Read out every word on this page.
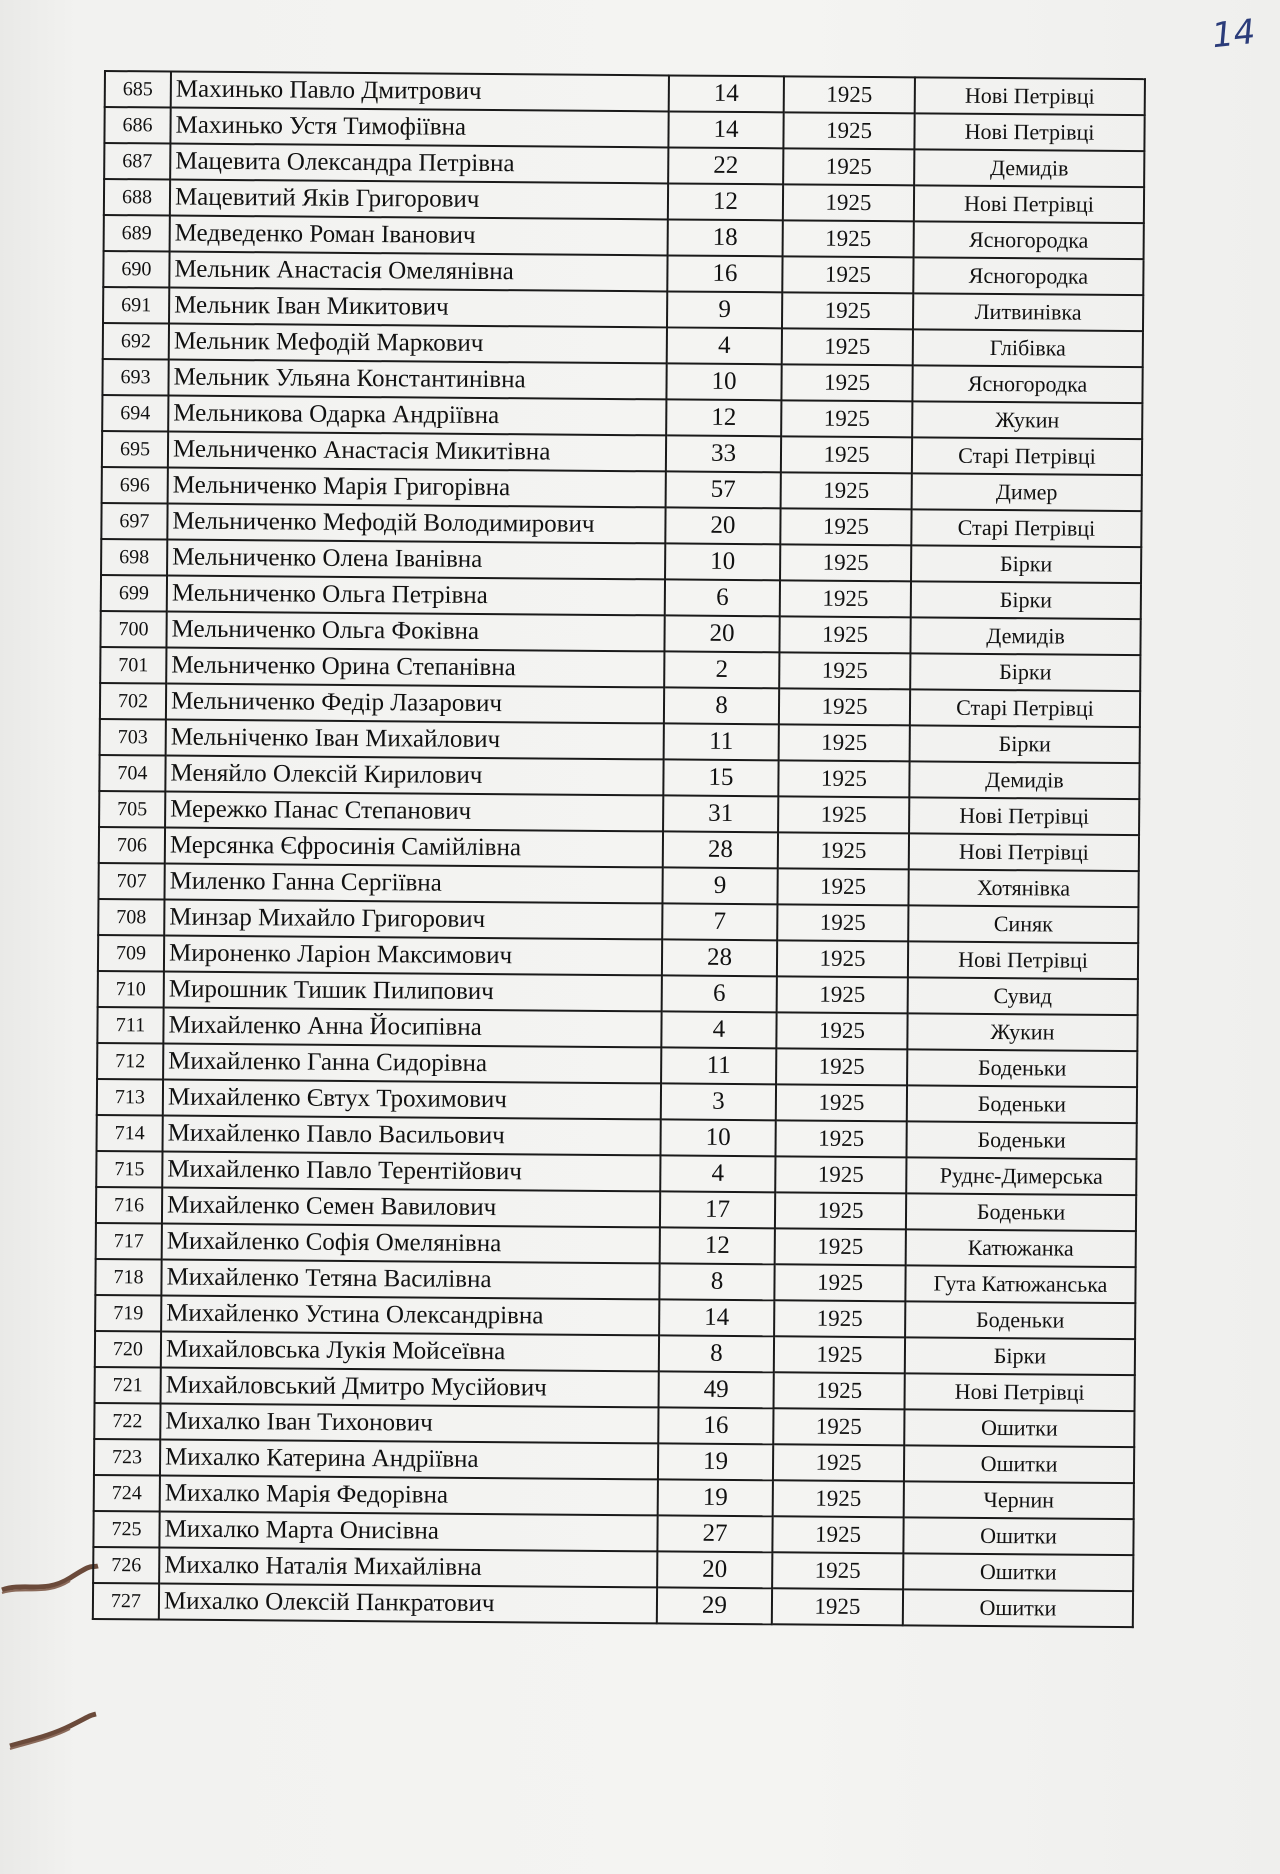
14
685	Махинько Павло Дмитрович	14	1925	Нові Петрівці
686	Махинько Устя Тимофіївна	14	1925	Нові Петрівці
687	Мацевита Олександра Петрівна	22	1925	Демидів
688	Мацевитий Яків Григорович	12	1925	Нові Петрівці
689	Медведенко Роман Іванович	18	1925	Ясногородка
690	Мельник Анастасія Омелянівна	16	1925	Ясногородка
691	Мельник Іван Микитович	9	1925	Литвинівка
692	Мельник Мефодій Маркович	4	1925	Глібівка
693	Мельник Ульяна Константинівна	10	1925	Ясногородка
694	Мельникова Одарка Андріївна	12	1925	Жукин
695	Мельниченко Анастасія Микитівна	33	1925	Старі Петрівці
696	Мельниченко Марія Григорівна	57	1925	Димер
697	Мельниченко Мефодій Володимирович	20	1925	Старі Петрівці
698	Мельниченко Олена Іванівна	10	1925	Бірки
699	Мельниченко Ольга Петрівна	6	1925	Бірки
700	Мельниченко Ольга Фоківна	20	1925	Демидів
701	Мельниченко Орина Степанівна	2	1925	Бірки
702	Мельниченко Федір Лазарович	8	1925	Старі Петрівці
703	Мельніченко Іван Михайлович	11	1925	Бірки
704	Меняйло Олексій Кирилович	15	1925	Демидів
705	Мережко Панас Степанович	31	1925	Нові Петрівці
706	Мерсянка Єфросинія Самійлівна	28	1925	Нові Петрівці
707	Миленко Ганна Сергіївна	9	1925	Хотянівка
708	Минзар Михайло Григорович	7	1925	Синяк
709	Мироненко Ларіон Максимович	28	1925	Нові Петрівці
710	Мирошник Тишик Пилипович	6	1925	Сувид
711	Михайленко Анна Йосипівна	4	1925	Жукин
712	Михайленко Ганна Сидорівна	11	1925	Боденьки
713	Михайленко Євтух Трохимович	3	1925	Боденьки
714	Михайленко Павло Васильович	10	1925	Боденьки
715	Михайленко Павло Терентійович	4	1925	Руднє-Димерська
716	Михайленко Семен Вавилович	17	1925	Боденьки
717	Михайленко Софія Омелянівна	12	1925	Катюжанка
718	Михайленко Тетяна Василівна	8	1925	Гута Катюжанська
719	Михайленко Устина Олександрівна	14	1925	Боденьки
720	Михайловська Лукія Мойсеївна	8	1925	Бірки
721	Михайловський Дмитро Мусійович	49	1925	Нові Петрівці
722	Михалко Іван Тихонович	16	1925	Ошитки
723	Михалко Катерина Андріївна	19	1925	Ошитки
724	Михалко Марія Федорівна	19	1925	Чернин
725	Михалко Марта Онисівна	27	1925	Ошитки
726	Михалко Наталія Михайлівна	20	1925	Ошитки
727	Михалко Олексій Панкратович	29	1925	Ошитки
